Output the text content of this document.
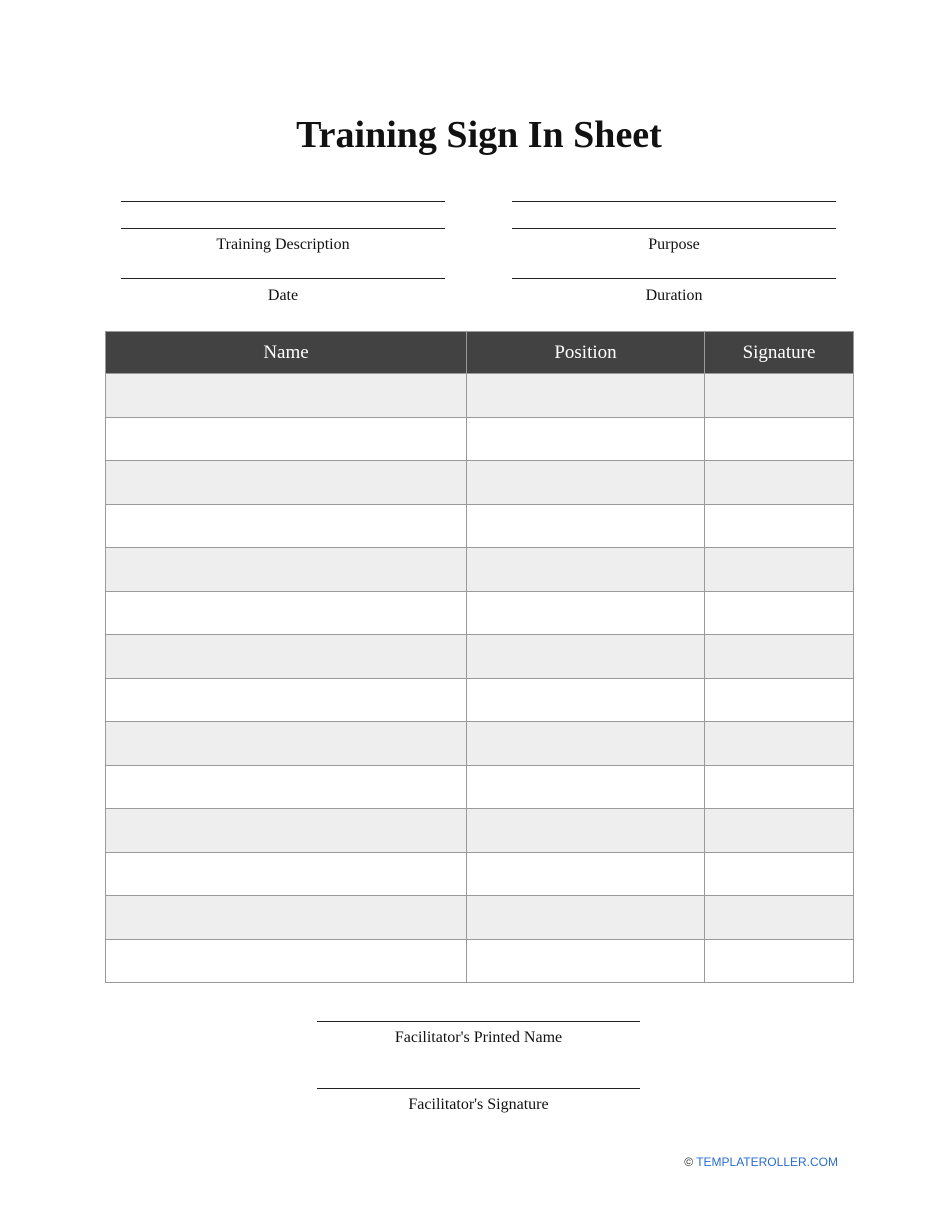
Training Sign In Sheet
Training Description
Date
Purpose
Duration
Name	Position	Signature

Facilitator's Printed Name
Facilitator's Signature
© TEMPLATEROLLER.COM
